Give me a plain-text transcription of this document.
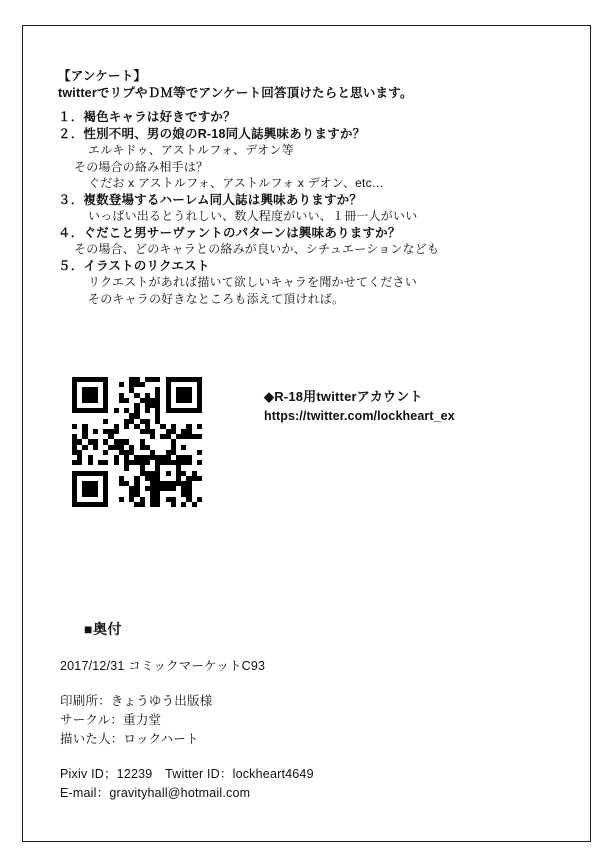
【アンケート】
twitterでリプやＤＭ等でアンケート回答頂けたらと思います。
１．褐色キャラは好きですか？
２．性別不明、男の娘のR-18同人誌興味ありますか？
エルキドゥ、アストルフォ、デオン等
その場合の絡み相手は？
ぐだお x アストルフォ、アストルフォ x デオン、etc…
３．複数登場するハーレム同人誌は興味ありますか？
いっぱい出るとうれしい、数人程度がいい、１冊一人がいい
４．ぐだこと男サーヴァントのパターンは興味ありますか？
その場合、どのキャラとの絡みが良いか、シチュエーションなども
５．イラストのリクエスト
リクエストがあれば描いて欲しいキャラを聞かせてください
そのキャラの好きなところも添えて頂ければ。
◆R-18用twitterアカウント
https://twitter.com/lockheart_ex
■奥付
2017/12/31 コミックマーケットC93
印刷所：きょうゆう出版様
サークル：重力堂
描いた人：ロックハート
Pixiv ID；12239　Twitter ID：lockheart4649
E-mail：gravityhall@hotmail.com
